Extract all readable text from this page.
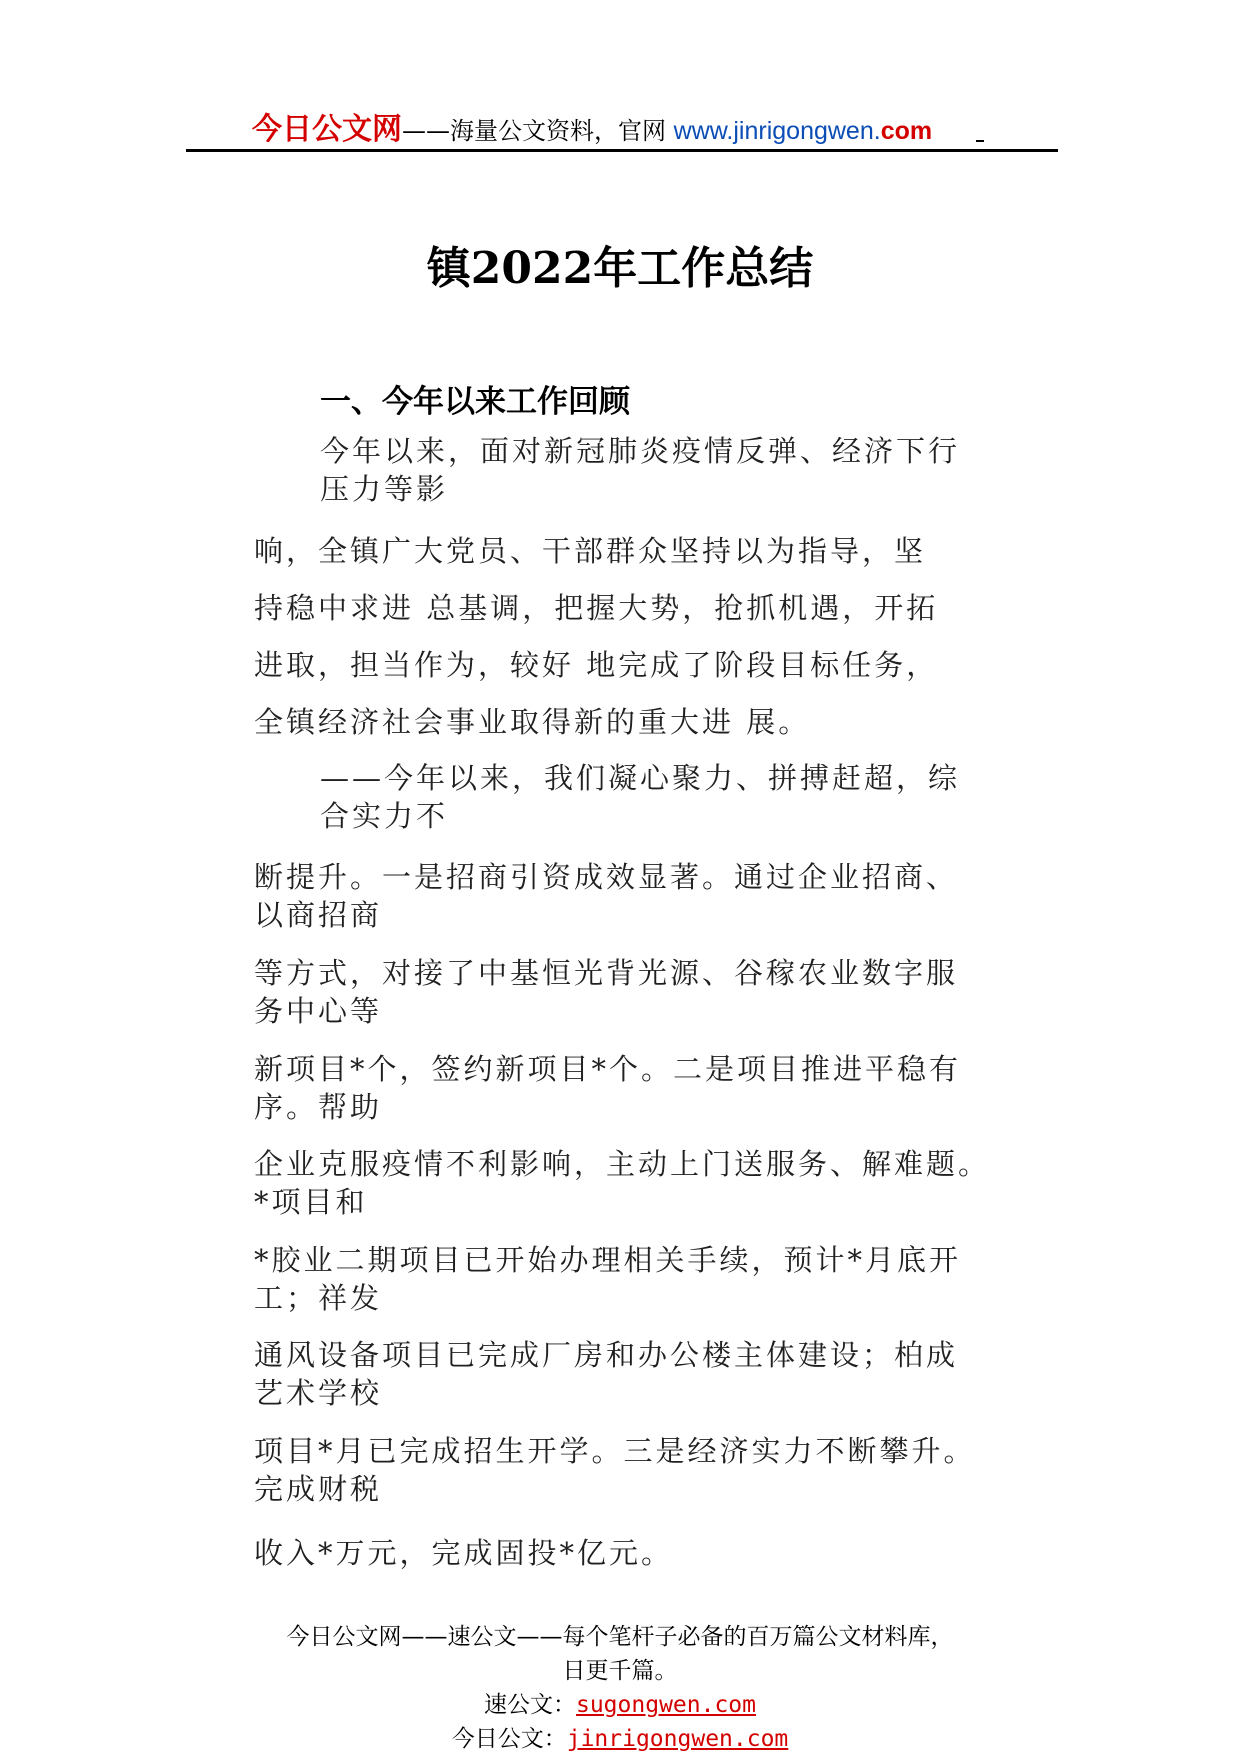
今日公文网——海量公文资料，官网 www.jinrigongwen.com
镇2022年工作总结
一、今年以来工作回顾
今年以来，面对新冠肺炎疫情反弹、经济下行
压力等影
响，全镇广大党员、干部群众坚持以为指导，坚
持稳中求进 总基调，把握大势，抢抓机遇，开拓
进取，担当作为，较好 地完成了阶段目标任务，
全镇经济社会事业取得新的重大进 展。
——今年以来，我们凝心聚力、拼搏赶超，综
合实力不
断提升。一是招商引资成效显著。通过企业招商、
以商招商
等方式，对接了中基恒光背光源、谷稼农业数字服
务中心等
新项目*个，签约新项目*个。二是项目推进平稳有
序。帮助
企业克服疫情不利影响，主动上门送服务、解难题。
*项目和
*胶业二期项目已开始办理相关手续，预计*月底开
工；祥发
通风设备项目已完成厂房和办公楼主体建设；柏成
艺术学校
项目*月已完成招生开学。三是经济实力不断攀升。
完成财税
收入*万元，完成固投*亿元。
今日公文网——速公文——每个笔杆子必备的百万篇公文材料库，
日更千篇。
速公文：sugongwen.com
今日公文：jinrigongwen.com
